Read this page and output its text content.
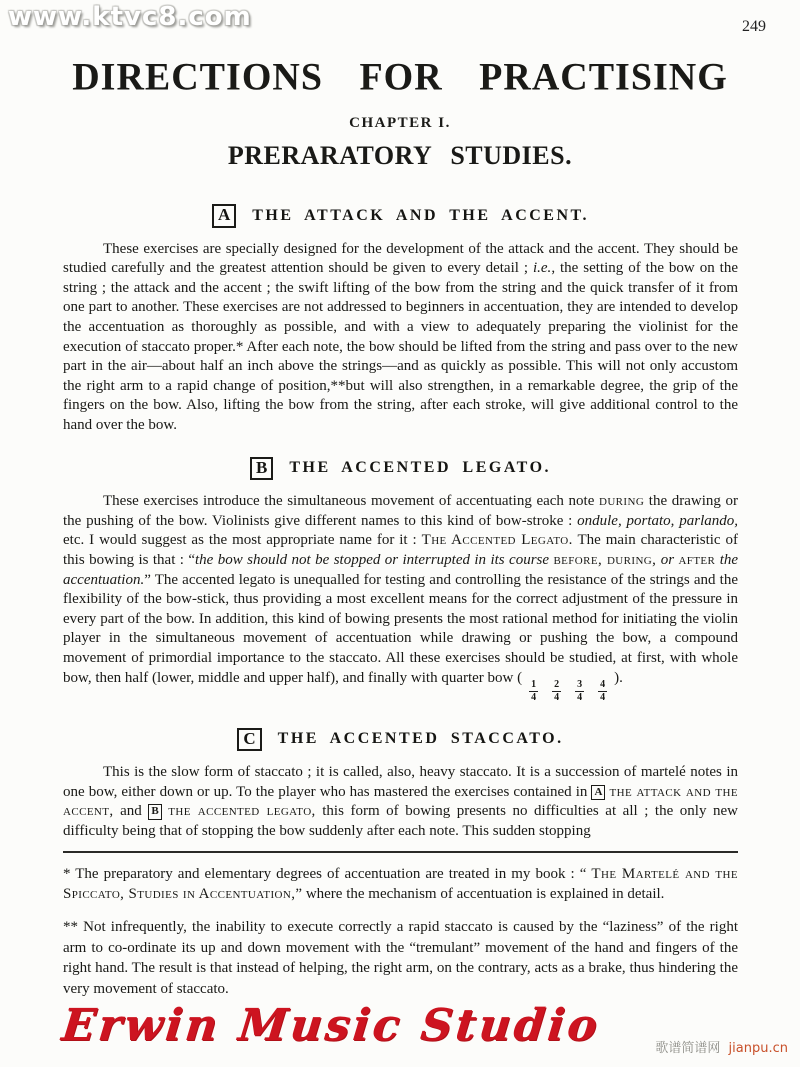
www.ktvc8.com	249
DIRECTIONS FOR PRACTISING
CHAPTER I.
PRERARATORY STUDIES.
A	THE ATTACK AND THE ACCENT.

These exercises are specially designed for the development of the attack and the accent. They should be studied carefully and the greatest attention should be given to every detail ; i.e., the setting of the bow on the string ; the attack and the accent ; the swift lifting of the bow from the string and the quick transfer of it from one part to another. These exercises are not addressed to beginners in accentuation, they are intended to develop the accentuation as thoroughly as possible, and with a view to adequately preparing the violinist for the execution of staccato proper.* After each note, the bow should be lifted from the string and pass over to the new part in the air—about half an inch above the strings—and as quickly as possible. This will not only accustom the right arm to a rapid change of position,**but will also strengthen, in a remarkable degree, the grip of the fingers on the bow. Also, lifting the bow from the string, after each stroke, will give additional control to the hand over the bow.

B	THE ACCENTED LEGATO.

These exercises introduce the simultaneous movement of accentuating each note during the drawing or the pushing of the bow. Violinists give different names to this kind of bow-stroke : ondule, portato, parlando, etc. I would suggest as the most appropriate name for it : The Accented Legato. The main characteristic of this bowing is that : “the bow should not be stopped or interrupted in its course before, during, or after the accentuation.” The accented legato is unequalled for testing and controlling the resistance of the strings and the flexibility of the bow-stick, thus providing a most excellent means for the correct adjustment of the pressure in every part of the bow. In addition, this kind of bowing presents the most rational method for initiating the violin player in the simultaneous movement of accentuation while drawing or pushing the bow, a compound movement of primordial importance to the staccato. All these exercises should be studied, at first, with whole bow, then half (lower, middle and upper half), and finally with quarter bow (
$\frac{1}{4} \frac{2}{4} \frac{3}{4} \frac{4}{4}$
).

C	THE ACCENTED STACCATO.

This is the slow form of staccato ; it is called, also, heavy staccato. It is a succession of martelé notes in one bow, either down or up. To the player who has mastered the exercises contained in A the attack and the accent, and B the accented legato, this form of bowing presents no difficulties at all ; the only new difficulty being that of stopping the bow suddenly after each note. This sudden stopping

* The preparatory and elementary degrees of accentuation are treated in my book : “ The Martelé and the Spiccato, Studies in Accentuation,” where the mechanism of accentuation is explained in detail.

** Not infrequently, the inability to execute correctly a rapid staccato is caused by the “laziness” of the right arm to co-ordinate its up and down movement with the “tremulant” movement of the hand and fingers of the right hand. The result is that instead of helping, the right arm, on the contrary, acts as a brake, thus hindering the very movement of staccato.

Erwin Music Studio	歌谱简谱网 jianpu.cn
